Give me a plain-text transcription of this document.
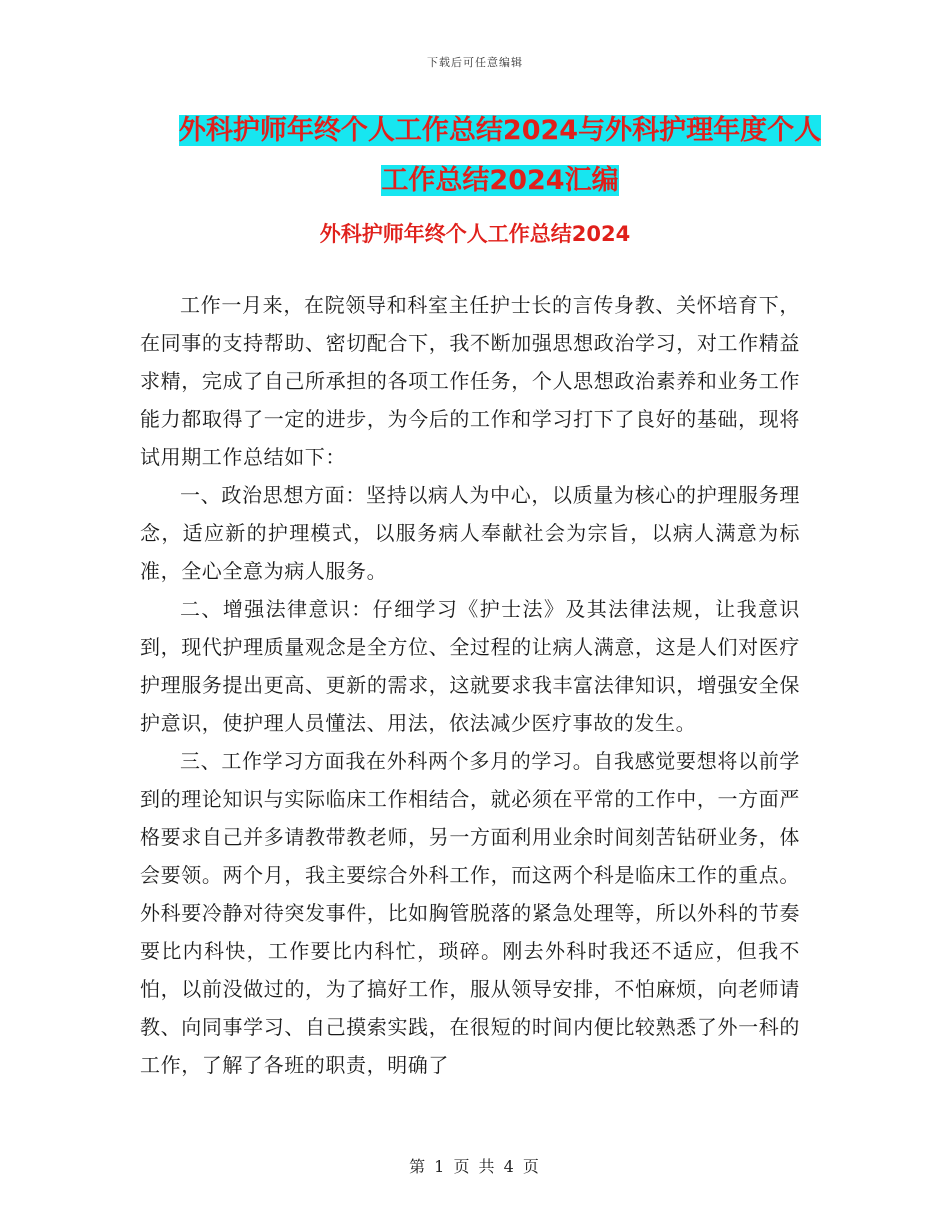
下载后可任意编辑
外科护师年终个人工作总结2024与外科护理年度个人
工作总结2024汇编
外科护师年终个人工作总结2024

工作一月来，在院领导和科室主任护士长的言传身教、关怀培育下，在同事的支持帮助、密切配合下，我不断加强思想政治学习，对工作精益求精，完成了自己所承担的各项工作任务，个人思想政治素养和业务工作能力都取得了一定的进步，为今后的工作和学习打下了良好的基础，现将试用期工作总结如下：

一、政治思想方面：坚持以病人为中心，以质量为核心的护理服务理念，适应新的护理模式，以服务病人奉献社会为宗旨，以病人满意为标准，全心全意为病人服务。

二、增强法律意识：仔细学习《护士法》及其法律法规，让我意识到，现代护理质量观念是全方位、全过程的让病人满意，这是人们对医疗护理服务提出更高、更新的需求，这就要求我丰富法律知识，增强安全保护意识，使护理人员懂法、用法，依法减少医疗事故的发生。

三、工作学习方面我在外科两个多月的学习。自我感觉要想将以前学到的理论知识与实际临床工作相结合，就必须在平常的工作中，一方面严格要求自己并多请教带教老师，另一方面利用业余时间刻苦钻研业务，体会要领。两个月，我主要综合外科工作，而这两个科是临床工作的重点。外科要冷静对待突发事件，比如胸管脱落的紧急处理等，所以外科的节奏要比内科快，工作要比内科忙，琐碎。刚去外科时我还不适应，但我不怕，以前没做过的，为了搞好工作，服从领导安排，不怕麻烦，向老师请教、向同事学习、自己摸索实践，在很短的时间内便比较熟悉了外一科的工作，了解了各班的职责，明确了

第 1 页 共 4 页
